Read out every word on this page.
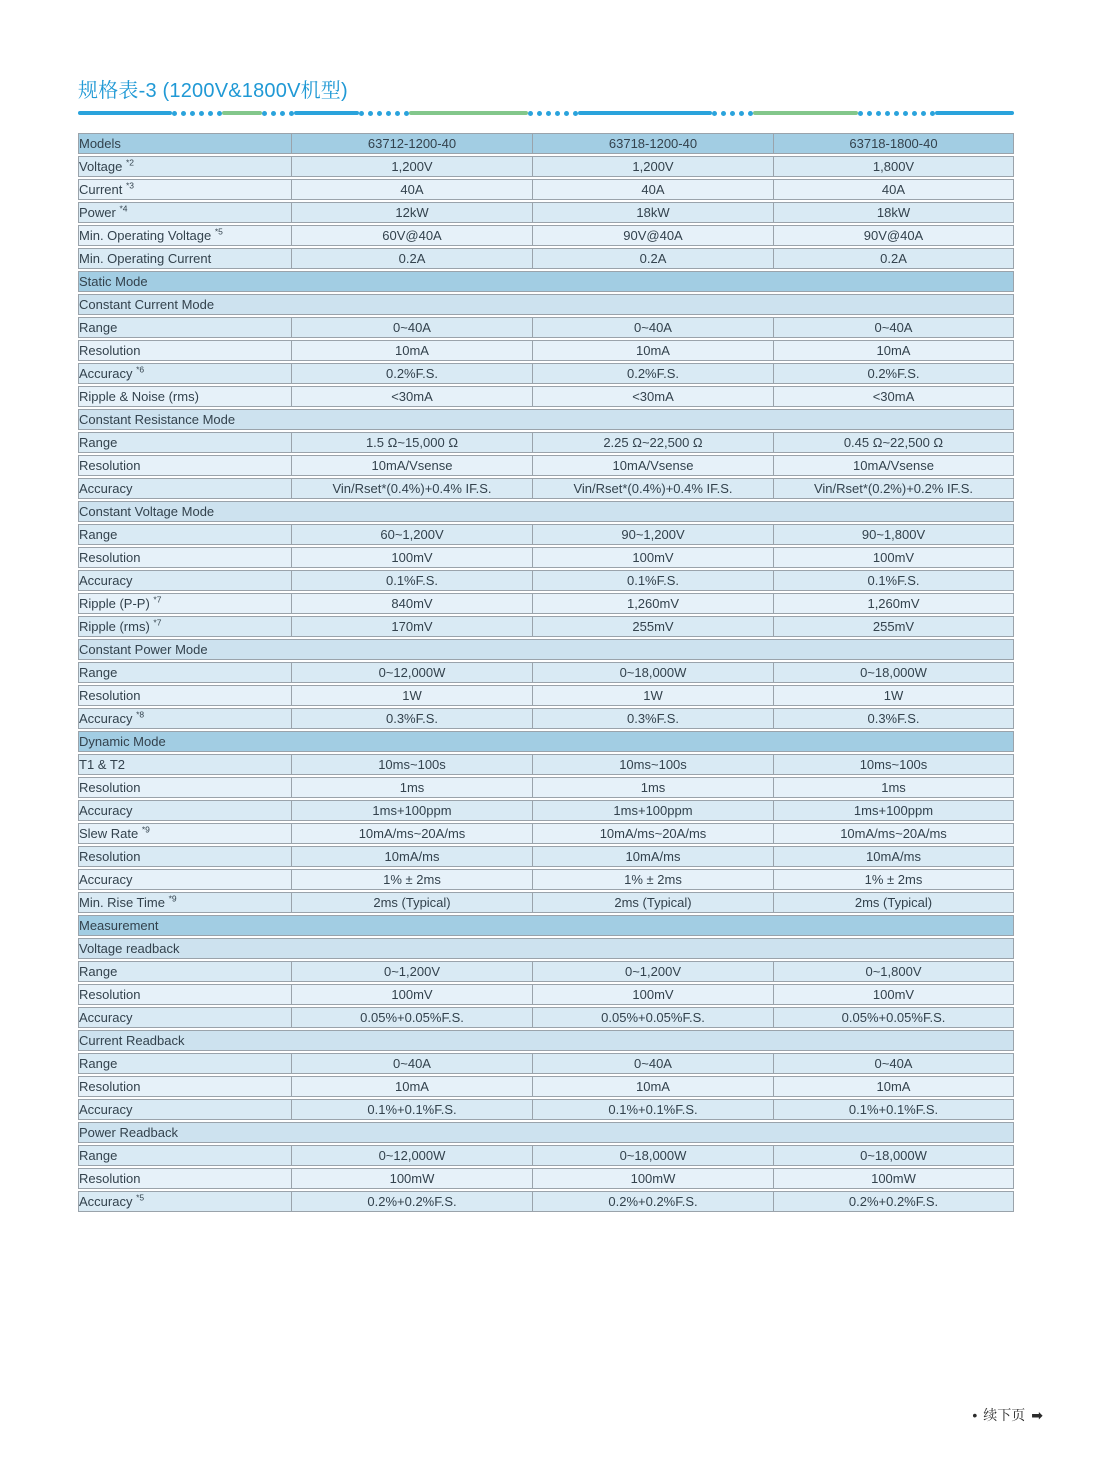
规格表-3 (1200V&1800V机型)
Models	63712-1200-40	63718-1200-40	63718-1800-40
Voltage $^{*2}$	1,200V	1,200V	1,800V
Current $^{*3}$	40A	40A	40A
Power $^{*4}$	12kW	18kW	18kW
Min. Operating Voltage $^{*5}$	60V@40A	90V@40A	90V@40A
Min. Operating Current	0.2A	0.2A	0.2A
Static Mode			
Constant Current Mode			
Range	0~40A	0~40A	0~40A
Resolution	10mA	10mA	10mA
Accuracy $^{*6}$	0.2%F.S.	0.2%F.S.	0.2%F.S.
Ripple & Noise (rms)	<30mA	<30mA	<30mA
Constant Resistance Mode			
Range	1.5 Ω~15,000 Ω	2.25 Ω~22,500 Ω	0.45 Ω~22,500 Ω
Resolution	10mA/Vsense	10mA/Vsense	10mA/Vsense
Accuracy	Vin/Rset*(0.4%)+0.4% IF.S.	Vin/Rset*(0.4%)+0.4% IF.S.	Vin/Rset*(0.2%)+0.2% IF.S.
Constant Voltage Mode			
Range	60~1,200V	90~1,200V	90~1,800V
Resolution	100mV	100mV	100mV
Accuracy	0.1%F.S.	0.1%F.S.	0.1%F.S.
Ripple (P-P) $^{*7}$	840mV	1,260mV	1,260mV
Ripple (rms) $^{*7}$	170mV	255mV	255mV
Constant Power Mode			
Range	0~12,000W	0~18,000W	0~18,000W
Resolution	1W	1W	1W
Accuracy $^{*8}$	0.3%F.S.	0.3%F.S.	0.3%F.S.
Dynamic Mode			
T1 & T2	10ms~100s	10ms~100s	10ms~100s
Resolution	1ms	1ms	1ms
Accuracy	1ms+100ppm	1ms+100ppm	1ms+100ppm
Slew Rate $^{*9}$	10mA/ms~20A/ms	10mA/ms~20A/ms	10mA/ms~20A/ms
Resolution	10mA/ms	10mA/ms	10mA/ms
Accuracy	1% ± 2ms	1% ± 2ms	1% ± 2ms
Min. Rise Time $^{*9}$	2ms (Typical)	2ms (Typical)	2ms (Typical)
Measurement			
Voltage readback			
Range	0~1,200V	0~1,200V	0~1,800V
Resolution	100mV	100mV	100mV
Accuracy	0.05%+0.05%F.S.	0.05%+0.05%F.S.	0.05%+0.05%F.S.
Current Readback			
Range	0~40A	0~40A	0~40A
Resolution	10mA	10mA	10mA
Accuracy	0.1%+0.1%F.S.	0.1%+0.1%F.S.	0.1%+0.1%F.S.
Power Readback			
Range	0~12,000W	0~18,000W	0~18,000W
Resolution	100mW	100mW	100mW
Accuracy $^{*5}$	0.2%+0.2%F.S.	0.2%+0.2%F.S.	0.2%+0.2%F.S.
• 续下页 ➡
